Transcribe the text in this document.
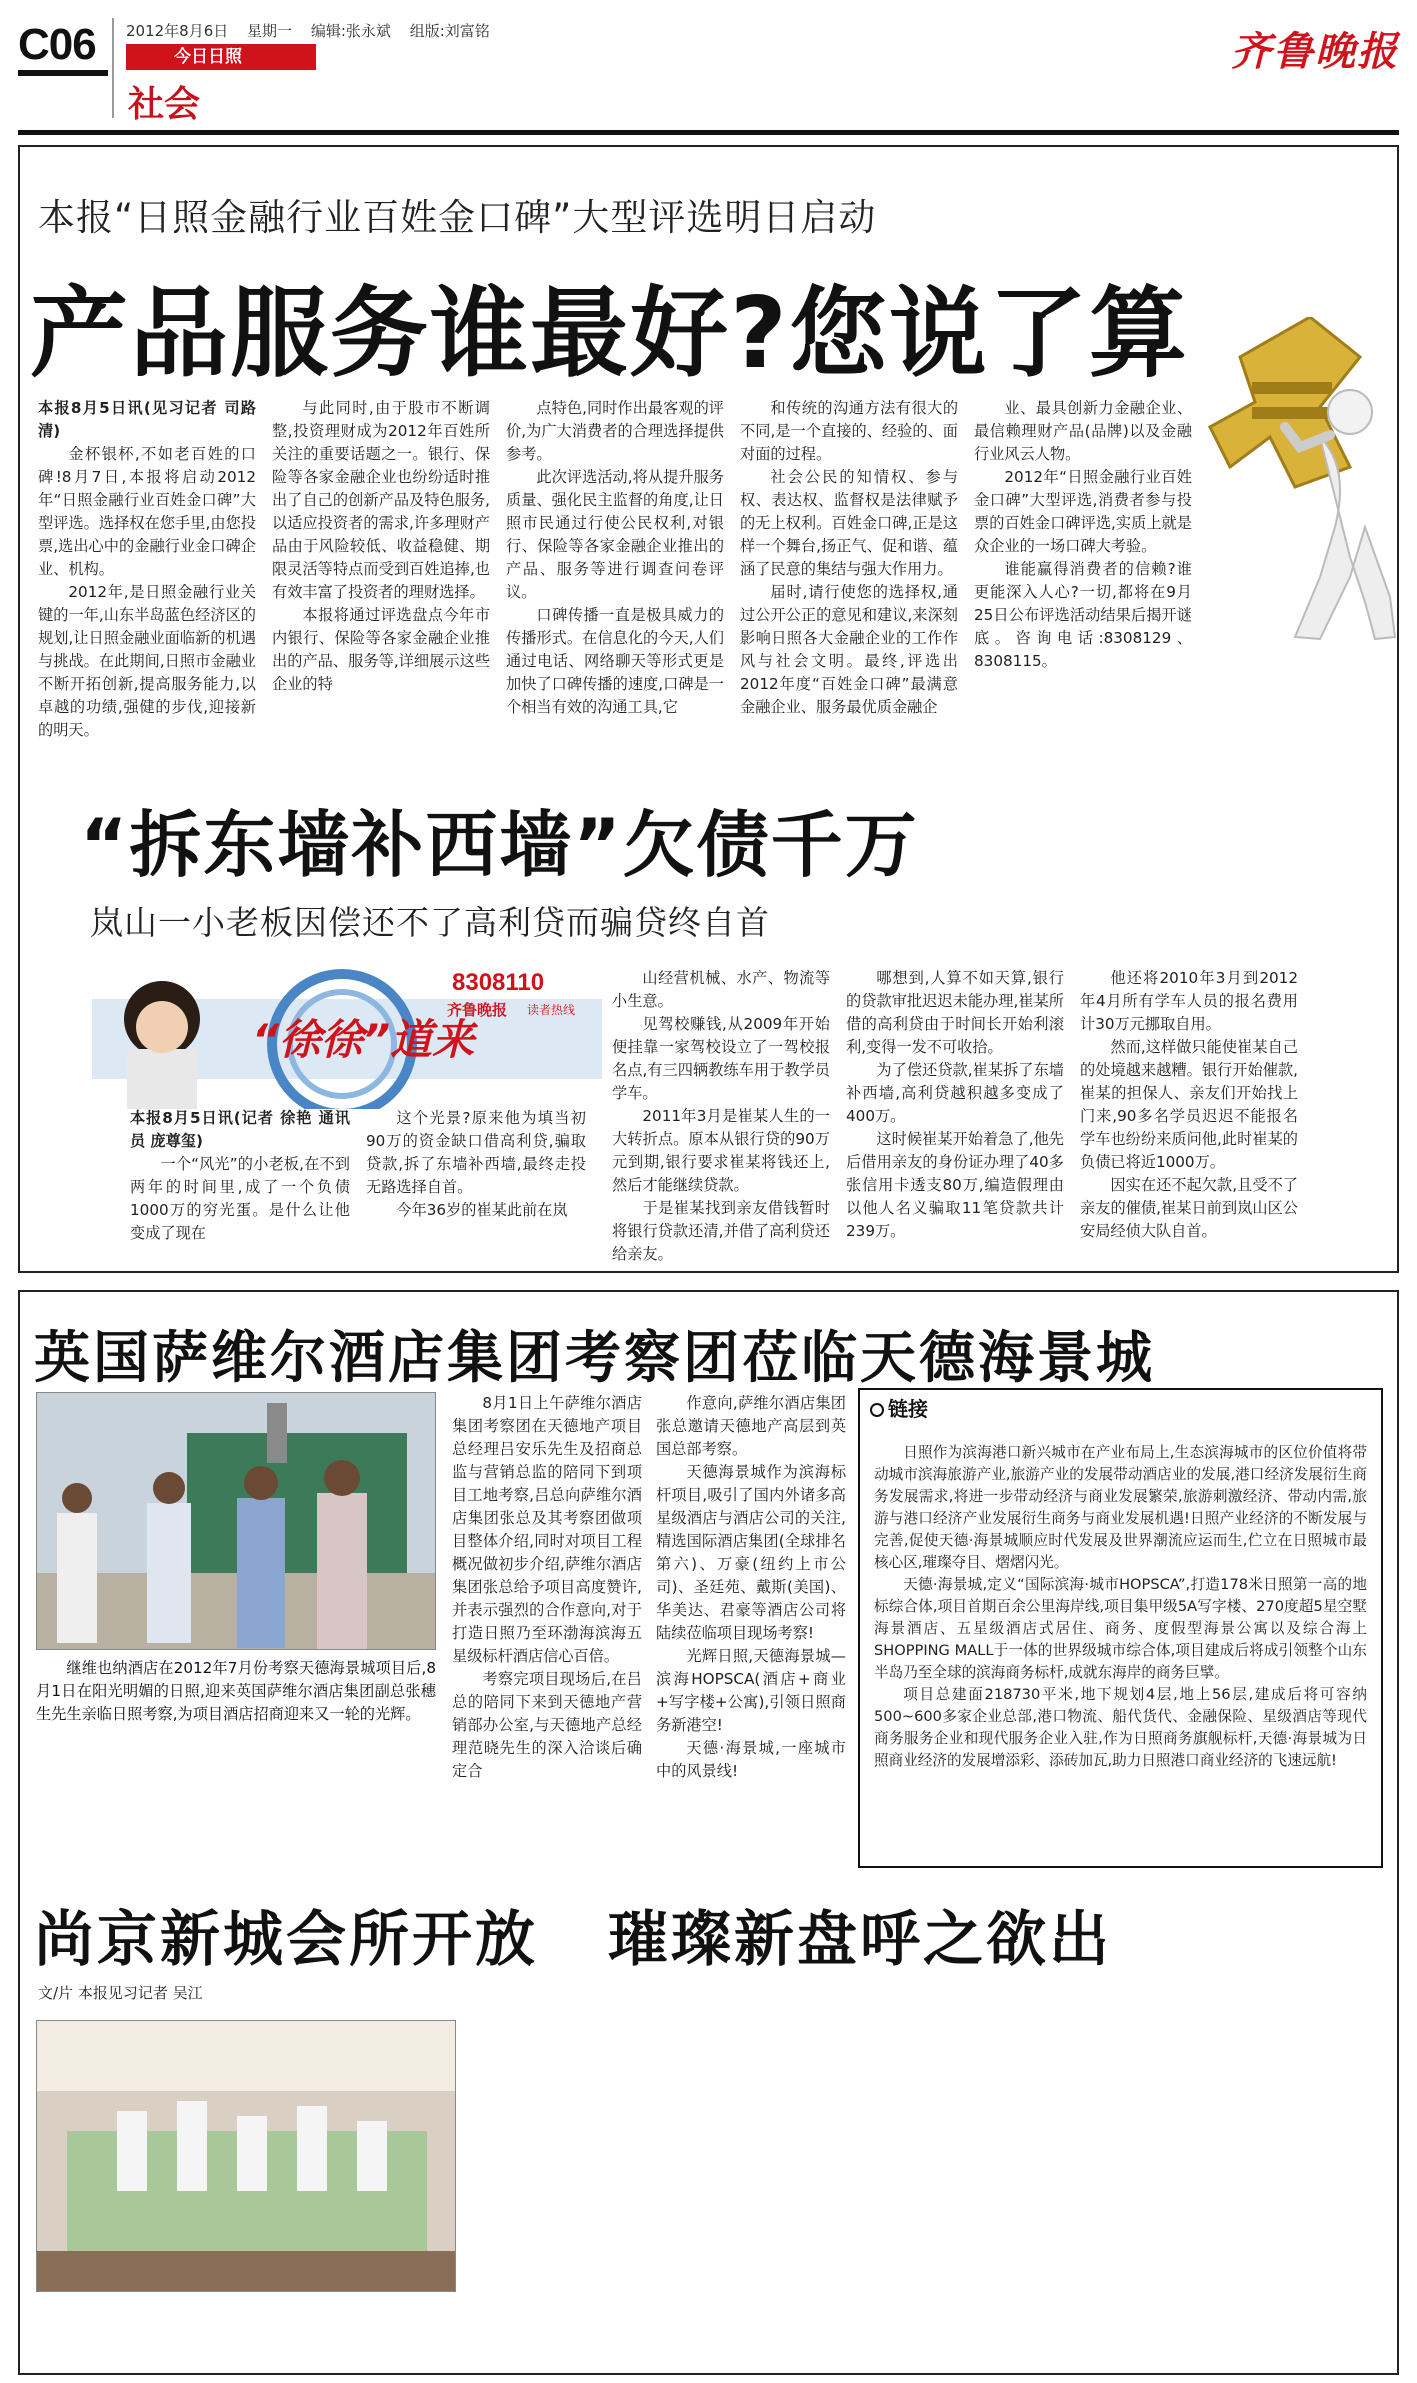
C06 2012年8月6日 星期一 编辑:张永斌 组版:刘富铭
今日日照
社会
齐鲁晚报
本报“日照金融行业百姓金口碑”大型评选明日启动
产品服务谁最好?您说了算

本报8月5日讯(见习记者 司路清)

金杯银杯,不如老百姓的口碑!8月7日,本报将启动2012年“日照金融行业百姓金口碑”大型评选。选择权在您手里,由您投票,选出心中的金融行业金口碑企业、机构。

2012年,是日照金融行业关键的一年,山东半岛蓝色经济区的规划,让日照金融业面临新的机遇与挑战。在此期间,日照市金融业不断开拓创新,提高服务能力,以卓越的功绩,强健的步伐,迎接新的明天。

与此同时,由于股市不断调整,投资理财成为2012年百姓所关注的重要话题之一。银行、保险等各家金融企业也纷纷适时推出了自己的创新产品及特色服务,以适应投资者的需求,许多理财产品由于风险较低、收益稳健、期限灵活等特点而受到百姓追捧,也有效丰富了投资者的理财选择。

本报将通过评选盘点今年市内银行、保险等各家金融企业推出的产品、服务等,详细展示这些企业的特

点特色,同时作出最客观的评价,为广大消费者的合理选择提供参考。

此次评选活动,将从提升服务质量、强化民主监督的角度,让日照市民通过行使公民权利,对银行、保险等各家金融企业推出的产品、服务等进行调查问卷评议。

口碑传播一直是极具威力的传播形式。在信息化的今天,人们通过电话、网络聊天等形式更是加快了口碑传播的速度,口碑是一个相当有效的沟通工具,它

和传统的沟通方法有很大的不同,是一个直接的、经验的、面对面的过程。

社会公民的知情权、参与权、表达权、监督权是法律赋予的无上权利。百姓金口碑,正是这样一个舞台,扬正气、促和谐、蕴涵了民意的集结与强大作用力。

届时,请行使您的选择权,通过公开公正的意见和建议,来深刻影响日照各大金融企业的工作作风与社会文明。最终,评选出2012年度“百姓金口碑”最满意金融企业、服务最优质金融企

业、最具创新力金融企业、最信赖理财产品(品牌)以及金融行业风云人物。

2012年“日照金融行业百姓金口碑”大型评选,消费者参与投票的百姓金口碑评选,实质上就是众企业的一场口碑大考验。

谁能赢得消费者的信赖?谁更能深入人心?一切,都将在9月25日公布评选活动结果后揭开谜底。咨询电话:8308129、8308115。

“拆东墙补西墙”欠债千万
岚山一小老板因偿还不了高利贷而骗贷终自首
“徐徐”道来
8308110
齐鲁晚报 读者热线

本报8月5日讯(记者 徐艳 通讯员 庞尊玺)

一个“风光”的小老板,在不到两年的时间里,成了一个负债1000万的穷光蛋。是什么让他变成了现在

这个光景?原来他为填当初90万的资金缺口借高利贷,骗取贷款,拆了东墙补西墙,最终走投无路选择自首。

今年36岁的崔某此前在岚

山经营机械、水产、物流等小生意。

见驾校赚钱,从2009年开始便挂靠一家驾校设立了一驾校报名点,有三四辆教练车用于教学员学车。

2011年3月是崔某人生的一大转折点。原本从银行贷的90万元到期,银行要求崔某将钱还上,然后才能继续贷款。

于是崔某找到亲友借钱暂时将银行贷款还清,并借了高利贷还给亲友。

哪想到,人算不如天算,银行的贷款审批迟迟未能办理,崔某所借的高利贷由于时间长开始利滚利,变得一发不可收拾。

为了偿还贷款,崔某拆了东墙补西墙,高利贷越积越多变成了400万。

这时候崔某开始着急了,他先后借用亲友的身份证办理了40多张信用卡透支80万,编造假理由以他人名义骗取11笔贷款共计239万。

他还将2010年3月到2012年4月所有学车人员的报名费用计30万元挪取自用。

然而,这样做只能使崔某自己的处境越来越糟。银行开始催款,崔某的担保人、亲友们开始找上门来,90多名学员迟迟不能报名学车也纷纷来质问他,此时崔某的负债已将近1000万。

因实在还不起欠款,且受不了亲友的催债,崔某日前到岚山区公安局经侦大队自首。

英国萨维尔酒店集团考察团莅临天德海景城
继维也纳酒店在2012年7月份考察天德海景城项目后,8月1日在阳光明媚的日照,迎来英国萨维尔酒店集团副总张穗生先生亲临日照考察,为项目酒店招商迎来又一轮的光辉。

8月1日上午萨维尔酒店集团考察团在天德地产项目总经理吕安乐先生及招商总监与营销总监的陪同下到项目工地考察,吕总向萨维尔酒店集团张总及其考察团做项目整体介绍,同时对项目工程概况做初步介绍,萨维尔酒店集团张总给予项目高度赞许,并表示强烈的合作意向,对于打造日照乃至环渤海滨海五星级标杆酒店信心百倍。

考察完项目现场后,在吕总的陪同下来到天德地产营销部办公室,与天德地产总经理范晓先生的深入洽谈后确定合

作意向,萨维尔酒店集团张总邀请天德地产高层到英国总部考察。

天德海景城作为滨海标杆项目,吸引了国内外诸多高星级酒店与酒店公司的关注,精选国际酒店集团(全球排名第六)、万豪(纽约上市公司)、圣廷苑、戴斯(美国)、华美达、君豪等酒店公司将陆续莅临项目现场考察!

光辉日照,天德海景城—滨海HOPSCA(酒店+商业+写字楼+公寓),引领日照商务新港空!

天德·海景城,一座城市中的风景线!

链接

日照作为滨海港口新兴城市在产业布局上,生态滨海城市的区位价值将带动城市滨海旅游产业,旅游产业的发展带动酒店业的发展,港口经济发展衍生商务发展需求,将进一步带动经济与商业发展繁荣,旅游刺激经济、带动内需,旅游与港口经济产业发展衍生商务与商业发展机遇!日照产业经济的不断发展与完善,促使天德·海景城顺应时代发展及世界潮流应运而生,伫立在日照城市最核心区,璀璨夺目、熠熠闪光。

天德·海景城,定义“国际滨海·城市HOPSCA”,打造178米日照第一高的地标综合体,项目首期百余公里海岸线,项目集甲级5A写字楼、270度超5星空墅海景酒店、五星级酒店式居住、商务、度假型海景公寓以及综合海上SHOPPING MALL于一体的世界级城市综合体,项目建成后将成引领整个山东半岛乃至全球的滨海商务标杆,成就东海岸的商务巨擘。

项目总建面218730平米,地下规划4层,地上56层,建成后将可容纳500~600多家企业总部,港口物流、船代货代、金融保险、星级酒店等现代商务服务企业和现代服务企业入驻,作为日照商务旗舰标杆,天德·海景城为日照商业经济的发展增添彩、添砖加瓦,助力日照港口商业经济的飞速远航!

尚京新城会所开放 璀璨新盘呼之欲出
文/片 本报见习记者 吴江
